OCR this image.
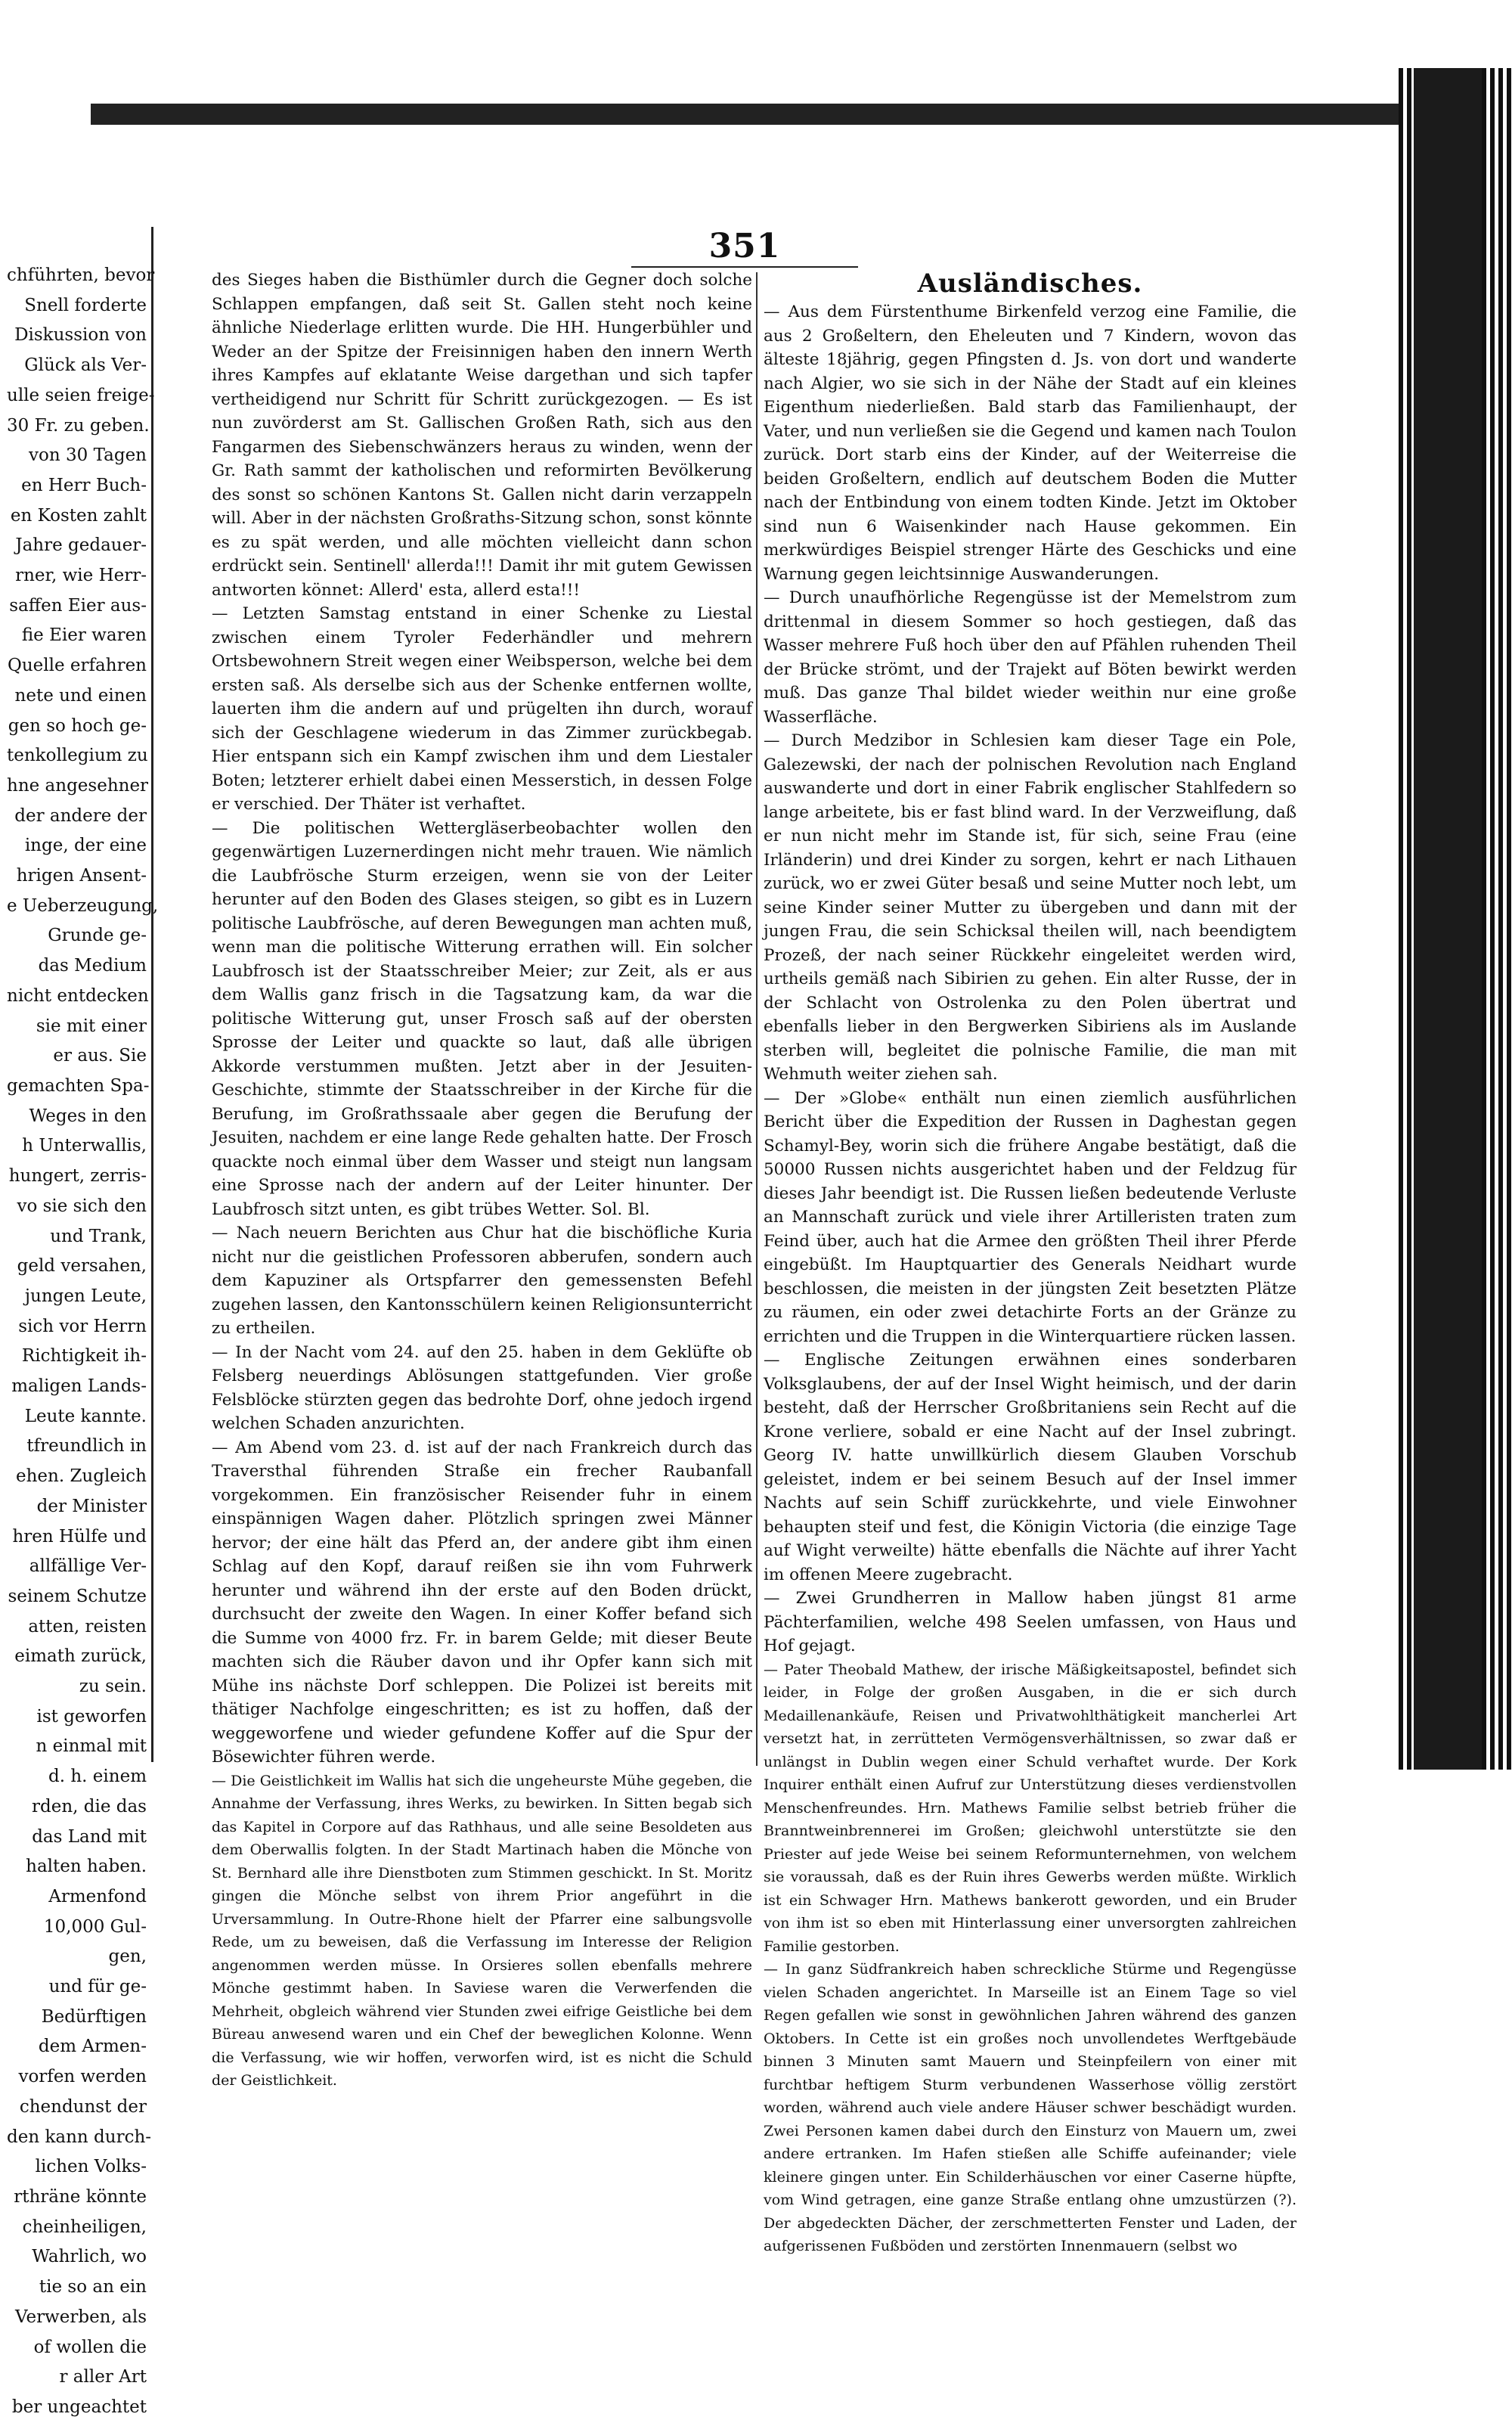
chführten, bevor

Snell forderte

Diskussion von

Glück als Ver-

ulle seien freige-

30 Fr. zu geben.

von 30 Tagen

en Herr Buch-

en Kosten zahlt

Jahre gedauer-

rner, wie Herr-

saffen Eier aus-

fie Eier waren

Quelle erfahren

nete und einen

gen so hoch ge-

tenkollegium zu

hne angesehner

der andere der

inge, der eine

hrigen Ansent-

e Ueberzeugung,

Grunde ge-

das Medium

nicht entdecken

sie mit einer

er aus. Sie

gemachten Spa-

Weges in den

h Unterwallis,

hungert, zerris-

vo sie sich den

und Trank,

geld versahen,

jungen Leute,

sich vor Herrn

Richtigkeit ih-

maligen Lands-

Leute kannte.

tfreundlich in

ehen. Zugleich

der Minister

hren Hülfe und

allfällige Ver-

seinem Schutze

atten, reisten

eimath zurück,

zu sein.

ist geworfen

n einmal mit

d. h. einem

rden, die das

das Land mit

halten haben.

Armenfond

10,000 Gul-

gen,

und für ge-

Bedürftigen

dem Armen-

vorfen werden

chendunst der

den kann durch-

lichen Volks-

rthräne könnte

cheinheiligen,

Wahrlich, wo

tie so an ein

Verwerben, als

of wollen die

r aller Art

ber ungeachtet

351

des Sieges haben die Bisthümler durch die Gegner doch solche Schlappen empfangen, daß seit St. Gallen steht noch keine ähnliche Niederlage erlitten wurde. Die HH. Hungerbühler und Weder an der Spitze der Freisinnigen haben den innern Werth ihres Kampfes auf eklatante Weise dargethan und sich tapfer vertheidigend nur Schritt für Schritt zurückgezogen. — Es ist nun zuvörderst am St. Gallischen Großen Rath, sich aus den Fangarmen des Siebenschwänzers heraus zu winden, wenn der Gr. Rath sammt der katholischen und reformirten Bevölkerung des sonst so schönen Kantons St. Gallen nicht darin verzappeln will. Aber in der nächsten Großraths-Sitzung schon, sonst könnte es zu spät werden, und alle möchten vielleicht dann schon erdrückt sein. Sentinell' allerda!!! Damit ihr mit gutem Gewissen antworten könnet: Allerd' esta, allerd esta!!!

— Letzten Samstag entstand in einer Schenke zu Liestal zwischen einem Tyroler Federhändler und mehrern Ortsbewohnern Streit wegen einer Weibsperson, welche bei dem ersten saß. Als derselbe sich aus der Schenke entfernen wollte, lauerten ihm die andern auf und prügelten ihn durch, worauf sich der Geschlagene wiederum in das Zimmer zurückbegab. Hier entspann sich ein Kampf zwischen ihm und dem Liestaler Boten; letzterer erhielt dabei einen Messerstich, in dessen Folge er verschied. Der Thäter ist verhaftet.

— Die politischen Wettergläserbeobachter wollen den gegenwärtigen Luzernerdingen nicht mehr trauen. Wie nämlich die Laubfrösche Sturm erzeigen, wenn sie von der Leiter herunter auf den Boden des Glases steigen, so gibt es in Luzern politische Laubfrösche, auf deren Bewegungen man achten muß, wenn man die politische Witterung errathen will. Ein solcher Laubfrosch ist der Staatsschreiber Meier; zur Zeit, als er aus dem Wallis ganz frisch in die Tagsatzung kam, da war die politische Witterung gut, unser Frosch saß auf der obersten Sprosse der Leiter und quackte so laut, daß alle übrigen Akkorde verstummen mußten. Jetzt aber in der Jesuiten-Geschichte, stimmte der Staatsschreiber in der Kirche für die Berufung, im Großrathssaale aber gegen die Berufung der Jesuiten, nachdem er eine lange Rede gehalten hatte. Der Frosch quackte noch einmal über dem Wasser und steigt nun langsam eine Sprosse nach der andern auf der Leiter hinunter. Der Laubfrosch sitzt unten, es gibt trübes Wetter. Sol. Bl.

— Nach neuern Berichten aus Chur hat die bischöfliche Kuria nicht nur die geistlichen Professoren abberufen, sondern auch dem Kapuziner als Ortspfarrer den gemessensten Befehl zugehen lassen, den Kantonsschülern keinen Religionsunterricht zu ertheilen.

— In der Nacht vom 24. auf den 25. haben in dem Geklüfte ob Felsberg neuerdings Ablösungen stattgefunden. Vier große Felsblöcke stürzten gegen das bedrohte Dorf, ohne jedoch irgend welchen Schaden anzurichten.

— Am Abend vom 23. d. ist auf der nach Frankreich durch das Traversthal führenden Straße ein frecher Raubanfall vorgekommen. Ein französischer Reisender fuhr in einem einspännigen Wagen daher. Plötzlich springen zwei Männer hervor; der eine hält das Pferd an, der andere gibt ihm einen Schlag auf den Kopf, darauf reißen sie ihn vom Fuhrwerk herunter und während ihn der erste auf den Boden drückt, durchsucht der zweite den Wagen. In einer Koffer befand sich die Summe von 4000 frz. Fr. in barem Gelde; mit dieser Beute machten sich die Räuber davon und ihr Opfer kann sich mit Mühe ins nächste Dorf schleppen. Die Polizei ist bereits mit thätiger Nachfolge eingeschritten; es ist zu hoffen, daß der weggeworfene und wieder gefundene Koffer auf die Spur der Bösewichter führen werde.

— Die Geistlichkeit im Wallis hat sich die ungeheurste Mühe gegeben, die Annahme der Verfassung, ihres Werks, zu bewirken. In Sitten begab sich das Kapitel in Corpore auf das Rathhaus, und alle seine Besoldeten aus dem Oberwallis folgten. In der Stadt Martinach haben die Mönche von St. Bernhard alle ihre Dienstboten zum Stimmen geschickt. In St. Moritz gingen die Mönche selbst von ihrem Prior angeführt in die Urversammlung. In Outre-Rhone hielt der Pfarrer eine salbungsvolle Rede, um zu beweisen, daß die Verfassung im Interesse der Religion angenommen werden müsse. In Orsieres sollen ebenfalls mehrere Mönche gestimmt haben. In Saviese waren die Verwerfenden die Mehrheit, obgleich während vier Stunden zwei eifrige Geistliche bei dem Büreau anwesend waren und ein Chef der beweglichen Kolonne. Wenn die Verfassung, wie wir hoffen, verworfen wird, ist es nicht die Schuld der Geistlichkeit.

Ausländisches.

— Aus dem Fürstenthume Birkenfeld verzog eine Familie, die aus 2 Großeltern, den Eheleuten und 7 Kindern, wovon das älteste 18jährig, gegen Pfingsten d. Js. von dort und wanderte nach Algier, wo sie sich in der Nähe der Stadt auf ein kleines Eigenthum niederließen. Bald starb das Familienhaupt, der Vater, und nun verließen sie die Gegend und kamen nach Toulon zurück. Dort starb eins der Kinder, auf der Weiterreise die beiden Großeltern, endlich auf deutschem Boden die Mutter nach der Entbindung von einem todten Kinde. Jetzt im Oktober sind nun 6 Waisenkinder nach Hause gekommen. Ein merkwürdiges Beispiel strenger Härte des Geschicks und eine Warnung gegen leichtsinnige Auswanderungen.

— Durch unaufhörliche Regengüsse ist der Memelstrom zum drittenmal in diesem Sommer so hoch gestiegen, daß das Wasser mehrere Fuß hoch über den auf Pfählen ruhenden Theil der Brücke strömt, und der Trajekt auf Böten bewirkt werden muß. Das ganze Thal bildet wieder weithin nur eine große Wasserfläche.

— Durch Medzibor in Schlesien kam dieser Tage ein Pole, Galezewski, der nach der polnischen Revolution nach England auswanderte und dort in einer Fabrik englischer Stahlfedern so lange arbeitete, bis er fast blind ward. In der Verzweiflung, daß er nun nicht mehr im Stande ist, für sich, seine Frau (eine Irländerin) und drei Kinder zu sorgen, kehrt er nach Lithauen zurück, wo er zwei Güter besaß und seine Mutter noch lebt, um seine Kinder seiner Mutter zu übergeben und dann mit der jungen Frau, die sein Schicksal theilen will, nach beendigtem Prozeß, der nach seiner Rückkehr eingeleitet werden wird, urtheils gemäß nach Sibirien zu gehen. Ein alter Russe, der in der Schlacht von Ostrolenka zu den Polen übertrat und ebenfalls lieber in den Bergwerken Sibiriens als im Auslande sterben will, begleitet die polnische Familie, die man mit Wehmuth weiter ziehen sah.

— Der »Globe« enthält nun einen ziemlich ausführlichen Bericht über die Expedition der Russen in Daghestan gegen Schamyl-Bey, worin sich die frühere Angabe bestätigt, daß die 50000 Russen nichts ausgerichtet haben und der Feldzug für dieses Jahr beendigt ist. Die Russen ließen bedeutende Verluste an Mannschaft zurück und viele ihrer Artilleristen traten zum Feind über, auch hat die Armee den größten Theil ihrer Pferde eingebüßt. Im Hauptquartier des Generals Neidhart wurde beschlossen, die meisten in der jüngsten Zeit besetzten Plätze zu räumen, ein oder zwei detachirte Forts an der Gränze zu errichten und die Truppen in die Winterquartiere rücken lassen.

— Englische Zeitungen erwähnen eines sonderbaren Volksglaubens, der auf der Insel Wight heimisch, und der darin besteht, daß der Herrscher Großbritaniens sein Recht auf die Krone verliere, sobald er eine Nacht auf der Insel zubringt. Georg IV. hatte unwillkürlich diesem Glauben Vorschub geleistet, indem er bei seinem Besuch auf der Insel immer Nachts auf sein Schiff zurückkehrte, und viele Einwohner behaupten steif und fest, die Königin Victoria (die einzige Tage auf Wight verweilte) hätte ebenfalls die Nächte auf ihrer Yacht im offenen Meere zugebracht.

— Zwei Grundherren in Mallow haben jüngst 81 arme Pächterfamilien, welche 498 Seelen umfassen, von Haus und Hof gejagt.

— Pater Theobald Mathew, der irische Mäßigkeitsapostel, befindet sich leider, in Folge der großen Ausgaben, in die er sich durch Medaillenankäufe, Reisen und Privatwohlthätigkeit mancherlei Art versetzt hat, in zerrütteten Vermögensverhältnissen, so zwar daß er unlängst in Dublin wegen einer Schuld verhaftet wurde. Der Kork Inquirer enthält einen Aufruf zur Unterstützung dieses verdienstvollen Menschenfreundes. Hrn. Mathews Familie selbst betrieb früher die Branntweinbrennerei im Großen; gleichwohl unterstützte sie den Priester auf jede Weise bei seinem Reformunternehmen, von welchem sie voraussah, daß es der Ruin ihres Gewerbs werden müßte. Wirklich ist ein Schwager Hrn. Mathews bankerott geworden, und ein Bruder von ihm ist so eben mit Hinterlassung einer unversorgten zahlreichen Familie gestorben.

— In ganz Südfrankreich haben schreckliche Stürme und Regengüsse vielen Schaden angerichtet. In Marseille ist an Einem Tage so viel Regen gefallen wie sonst in gewöhnlichen Jahren während des ganzen Oktobers. In Cette ist ein großes noch unvollendetes Werftgebäude binnen 3 Minuten samt Mauern und Steinpfeilern von einer mit furchtbar heftigem Sturm verbundenen Wasserhose völlig zerstört worden, während auch viele andere Häuser schwer beschädigt wurden. Zwei Personen kamen dabei durch den Einsturz von Mauern um, zwei andere ertranken. Im Hafen stießen alle Schiffe aufeinander; viele kleinere gingen unter. Ein Schilderhäuschen vor einer Caserne hüpfte, vom Wind getragen, eine ganze Straße entlang ohne umzustürzen (?). Der abgedeckten Dächer, der zerschmetterten Fenster und Laden, der aufgerissenen Fußböden und zerstörten Innenmauern (selbst wo
